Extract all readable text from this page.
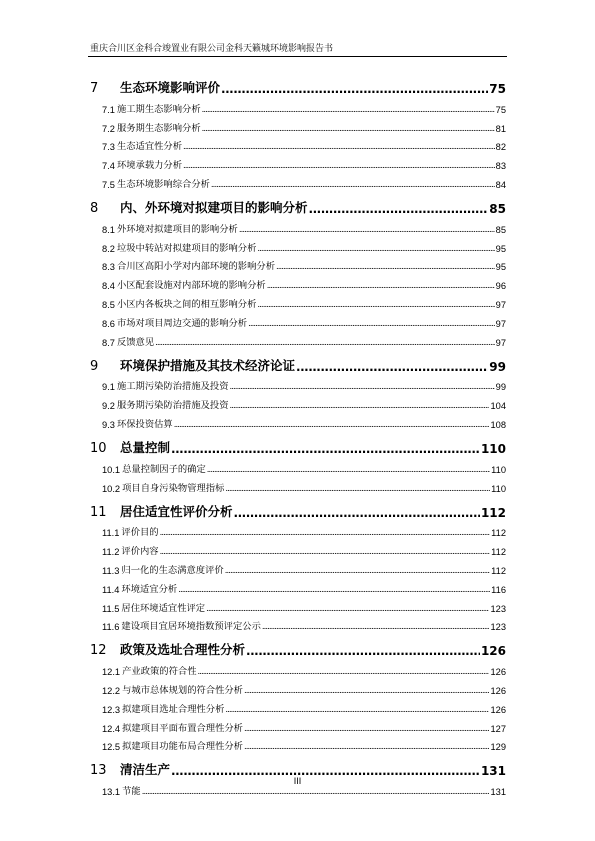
重庆合川区金科合竣置业有限公司金科天籁城环境影响报告书
7	生态环境影响评价 .....	75
7.1 施工期生态影响分析 .....	75
7.2 服务期生态影响分析 .....	81
7.3 生态适宜性分析 .....	82
7.4 环境承载力分析 .....	83
7.5 生态环境影响综合分析 .....	84
8	内、外环境对拟建项目的影响分析 .....	85
8.1 外环境对拟建项目的影响分析 .....	85
8.2 垃圾中转站对拟建项目的影响分析 .....	95
8.3 合川区高阳小学对内部环境的影响分析 .....	95
8.4 小区配套设施对内部环境的影响分析 .....	96
8.5 小区内各板块之间的相互影响分析 .....	97
8.6 市场对项目周边交通的影响分析 .....	97
8.7 反馈意见 .....	97
9	环境保护措施及其技术经济论证 .....	99
9.1 施工期污染防治措施及投资 .....	99
9.2 服务期污染防治措施及投资 .....	104
9.3 环保投资估算 .....	108
10	总量控制 .....	110
10.1 总量控制因子的确定 .....	110
10.2 项目自身污染物管理指标 .....	110
11	居住适宜性评价分析 .....	112
11.1 评价目的 .....	112
11.2 评价内容 .....	112
11.3 归一化的生态满意度评价 .....	112
11.4 环境适宜分析 .....	116
11.5 居住环境适宜性评定 .....	123
11.6 建设项目宜居环境指数预评定公示 .....	123
12	政策及选址合理性分析 .....	126
12.1 产业政策的符合性 .....	126
12.2 与城市总体规划的符合性分析 .....	126
12.3 拟建项目选址合理性分析 .....	126
12.4 拟建项目平面布置合理性分析 .....	127
12.5 拟建项目功能布局合理性分析 .....	129
13	清洁生产 .....	131
13.1 节能 .....	131
III
